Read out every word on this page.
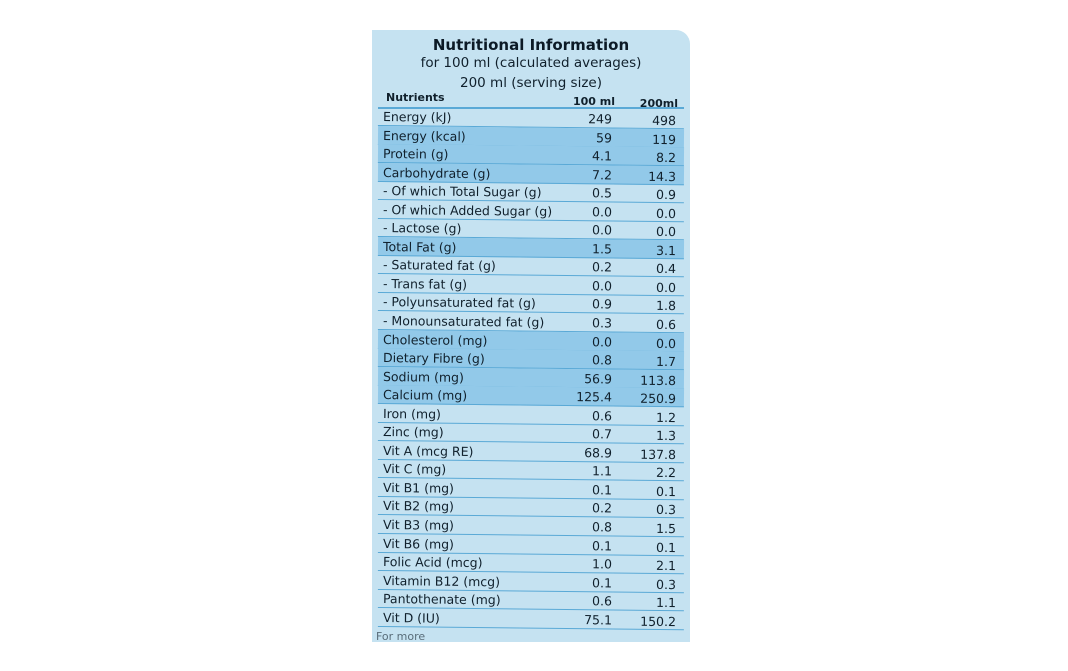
Nutritional Information
for 100 ml (calculated averages)
200 ml (serving size)
Nutrients	100 ml 200ml
Energy (kJ)	249	498
Energy (kcal)	59	119
Protein (g)	4.1	8.2
Carbohydrate (g)	7.2	14.3
- Of which Total Sugar (g)	0.5	0.9
- Of which Added Sugar (g)	0.0	0.0
- Lactose (g)	0.0	0.0
Total Fat (g)	1.5	3.1
- Saturated fat (g)	0.2	0.4
- Trans fat (g)	0.0	0.0
- Polyunsaturated fat (g)	0.9	1.8
- Monounsaturated fat (g)	0.3	0.6
Cholesterol (mg)	0.0	0.0
Dietary Fibre (g)	0.8	1.7
Sodium (mg)	56.9	113.8
Calcium (mg)	125.4	250.9
Iron (mg)	0.6	1.2
Zinc (mg)	0.7	1.3
Vit A (mcg RE)	68.9	137.8
Vit C (mg)	1.1	2.2
Vit B1 (mg)	0.1	0.1
Vit B2 (mg)	0.2	0.3
Vit B3 (mg)	0.8	1.5
Vit B6 (mg)	0.1	0.1
Folic Acid (mcg)	1.0	2.1
Vitamin B12 (mcg)	0.1	0.3
Pantothenate (mg)	0.6	1.1
Vit D (IU)	75.1	150.2
For more
